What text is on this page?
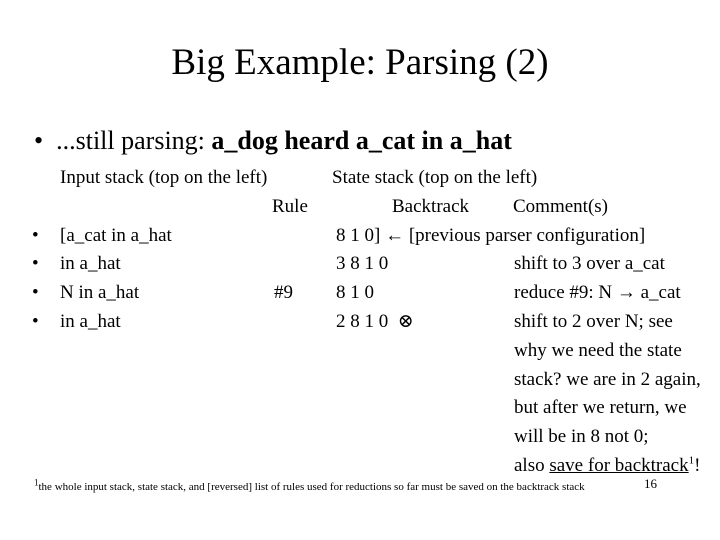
Big Example: Parsing (2)
• ...still parsing: a_dog heard a_cat in a_hat
Input stack (top on the left)	State stack (top on the left)
Rule	Backtrack Comment(s)
• [a_cat in a_hat	8 1 0] ← [previous parser configuration]
• in a_hat	3 8 1 0	shift to 3 over a_cat
• N in a_hat	#9 8 1 0	reduce #9: N → a_cat
• in a_hat	2 8 1 0 ⊗	shift to 2 over N; see
why we need the state
stack? we are in 2 again,
but after we return, we
will be in 8 not 0;
also save for backtrack$^1$!
$^1$the whole input stack, state stack, and [reversed] list of rules used for reductions so far must be saved on the backtrack stack	16
